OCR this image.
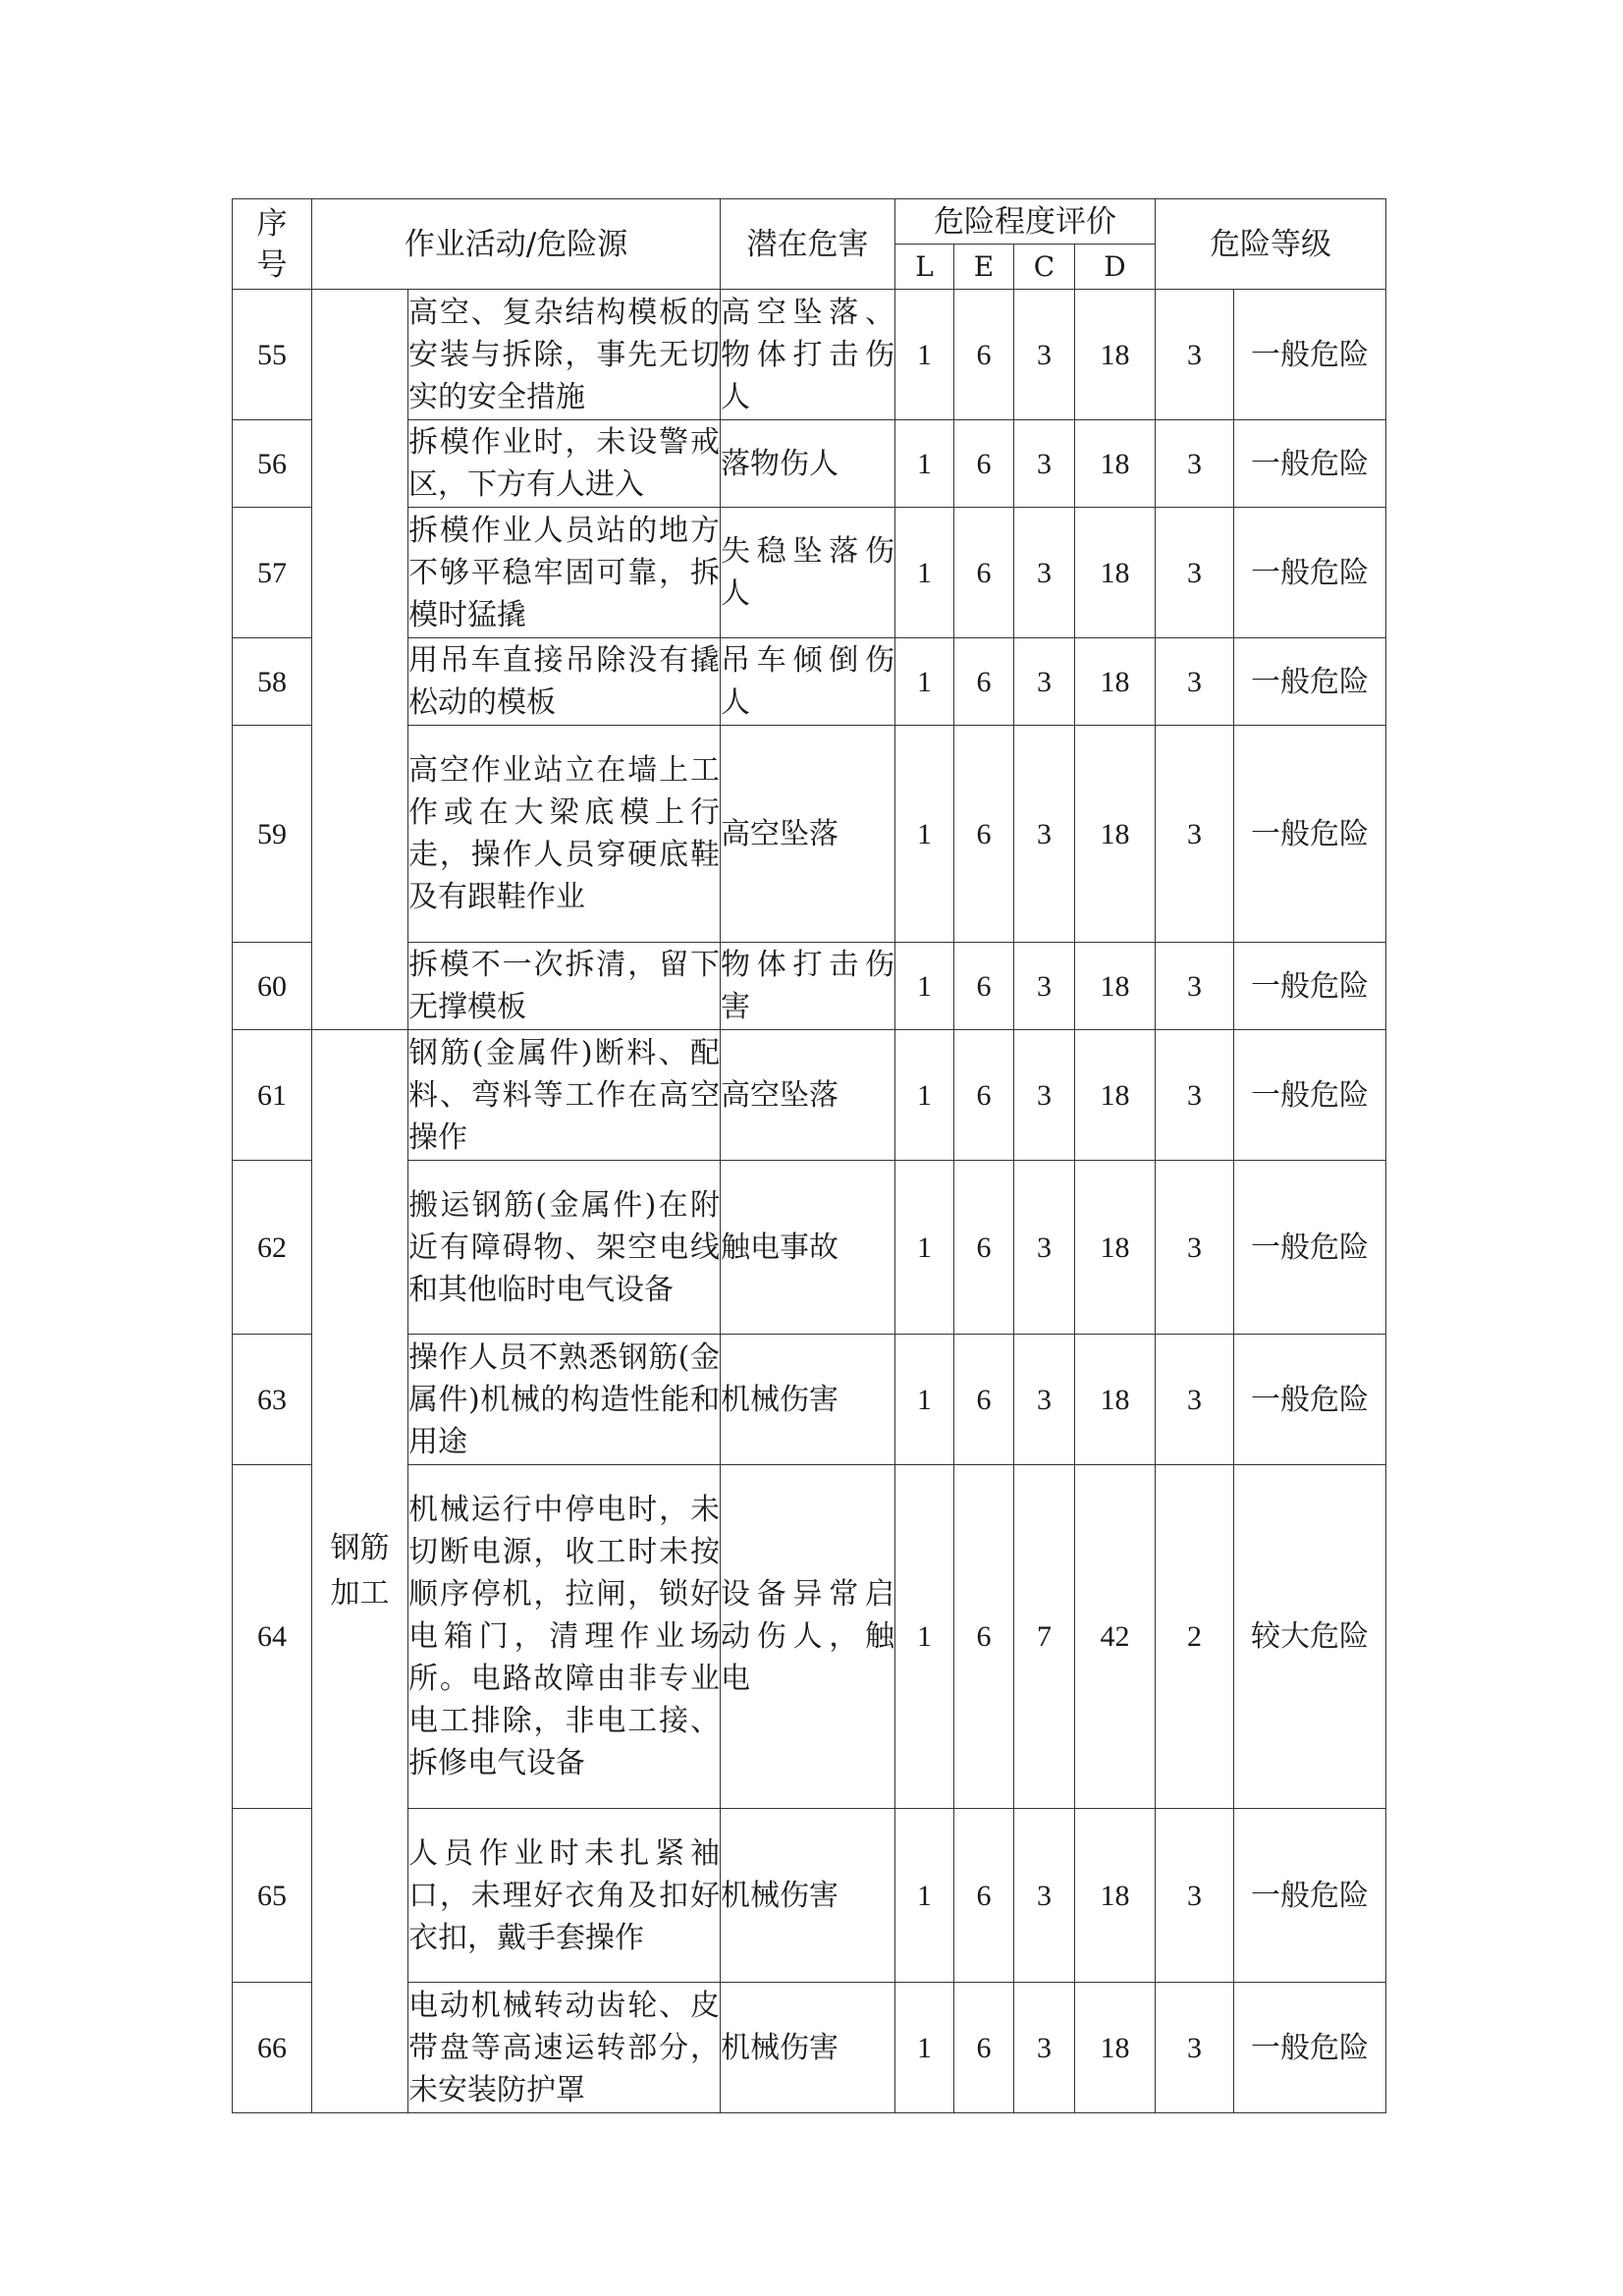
序号	作业活动/危险源		潜在危害	危险程度评价				危险等级	
				L	E	C	D		
55		高空、复杂结构模板的安装与拆除，事先无切实的安全措施	高空坠落、物体打击伤人	1	6	3	18	3	一般危险
56		拆模作业时，未设警戒区，下方有人进入	落物伤人	1	6	3	18	3	一般危险
57		拆模作业人员站的地方不够平稳牢固可靠，拆模时猛撬	失稳坠落伤人	1	6	3	18	3	一般危险
58		用吊车直接吊除没有撬松动的模板	吊车倾倒伤人	1	6	3	18	3	一般危险
59		高空作业站立在墙上工作或在大梁底模上行走，操作人员穿硬底鞋及有跟鞋作业	高空坠落	1	6	3	18	3	一般危险
60		拆模不一次拆清，留下无撑模板	物体打击伤害	1	6	3	18	3	一般危险
61	钢筋加工	钢筋(金属件)断料、配料、弯料等工作在高空操作	高空坠落	1	6	3	18	3	一般危险
62		搬运钢筋(金属件)在附近有障碍物、架空电线和其他临时电气设备	触电事故	1	6	3	18	3	一般危险
63		操作人员不熟悉钢筋(金属件)机械的构造性能和用途	机械伤害	1	6	3	18	3	一般危险
64		机械运行中停电时，未切断电源，收工时未按顺序停机，拉闸，锁好电箱门，清理作业场所。电路故障由非专业电工排除，非电工接、拆修电气设备	设备异常启动伤人，触电	1	6	7	42	2	较大危险
65		人员作业时未扎紧袖口，未理好衣角及扣好衣扣，戴手套操作	机械伤害	1	6	3	18	3	一般危险
66		电动机械转动齿轮、皮带盘等高速运转部分，未安装防护罩	机械伤害	1	6	3	18	3	一般危险
